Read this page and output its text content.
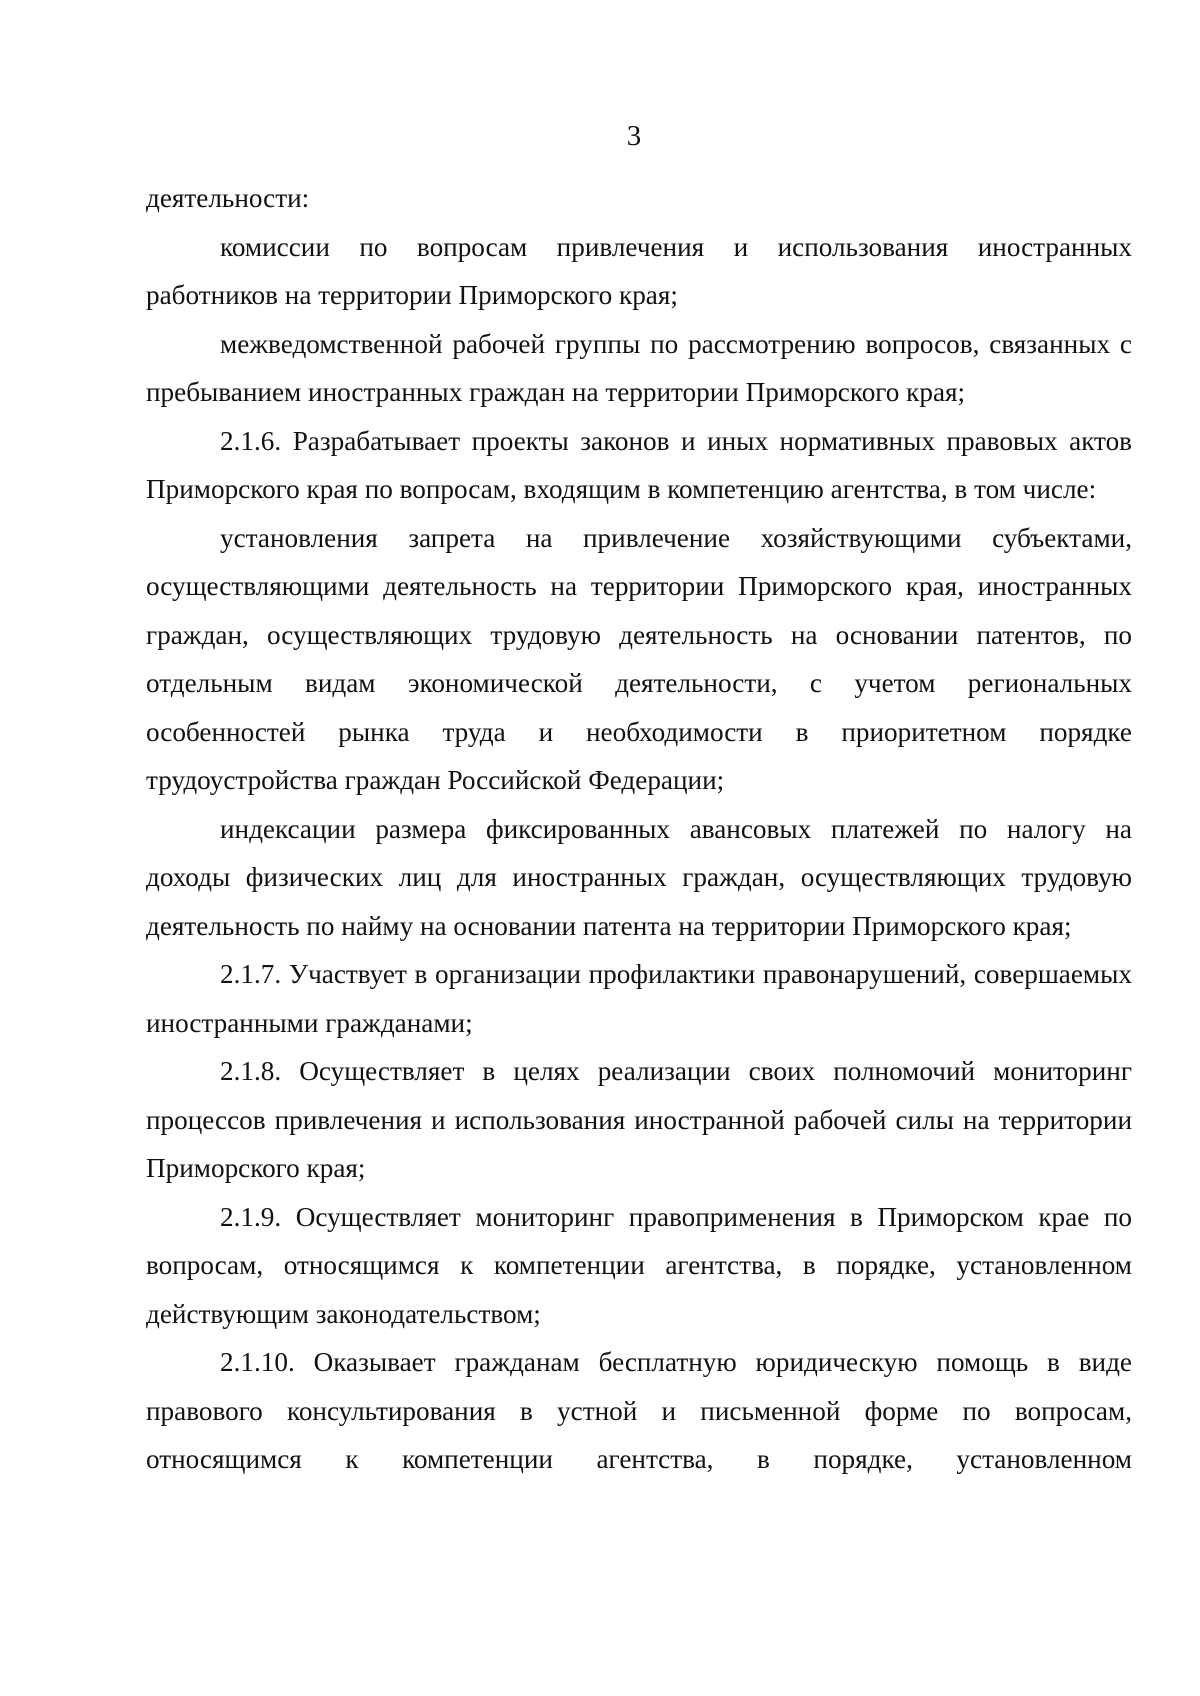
3

деятельности:

комиссии по вопросам привлечения и использования иностранных работников на территории Приморского края;

межведомственной рабочей группы по рассмотрению вопросов, связанных с пребыванием иностранных граждан на территории Приморского края;

2.1.6. Разрабатывает проекты законов и иных нормативных правовых актов Приморского края по вопросам, входящим в компетенцию агентства, в том числе:

установления запрета на привлечение хозяйствующими субъектами, осуществляющими деятельность на территории Приморского края, иностранных граждан, осуществляющих трудовую деятельность на основании патентов, по отдельным видам экономической деятельности, с учетом региональных особенностей рынка труда и необходимости в приоритетном порядке трудоустройства граждан Российской Федерации;

индексации размера фиксированных авансовых платежей по налогу на доходы физических лиц для иностранных граждан, осуществляющих трудовую деятельность по найму на основании патента на территории Приморского края;

2.1.7. Участвует в организации профилактики правонарушений, совершаемых иностранными гражданами;

2.1.8. Осуществляет в целях реализации своих полномочий мониторинг процессов привлечения и использования иностранной рабочей силы на территории Приморского края;

2.1.9. Осуществляет мониторинг правоприменения в Приморском крае по вопросам, относящимся к компетенции агентства, в порядке, установленном действующим законодательством;

2.1.10. Оказывает гражданам бесплатную юридическую помощь в виде правового консультирования в устной и письменной форме по вопросам, относящимся к компетенции агентства, в порядке, установленном
